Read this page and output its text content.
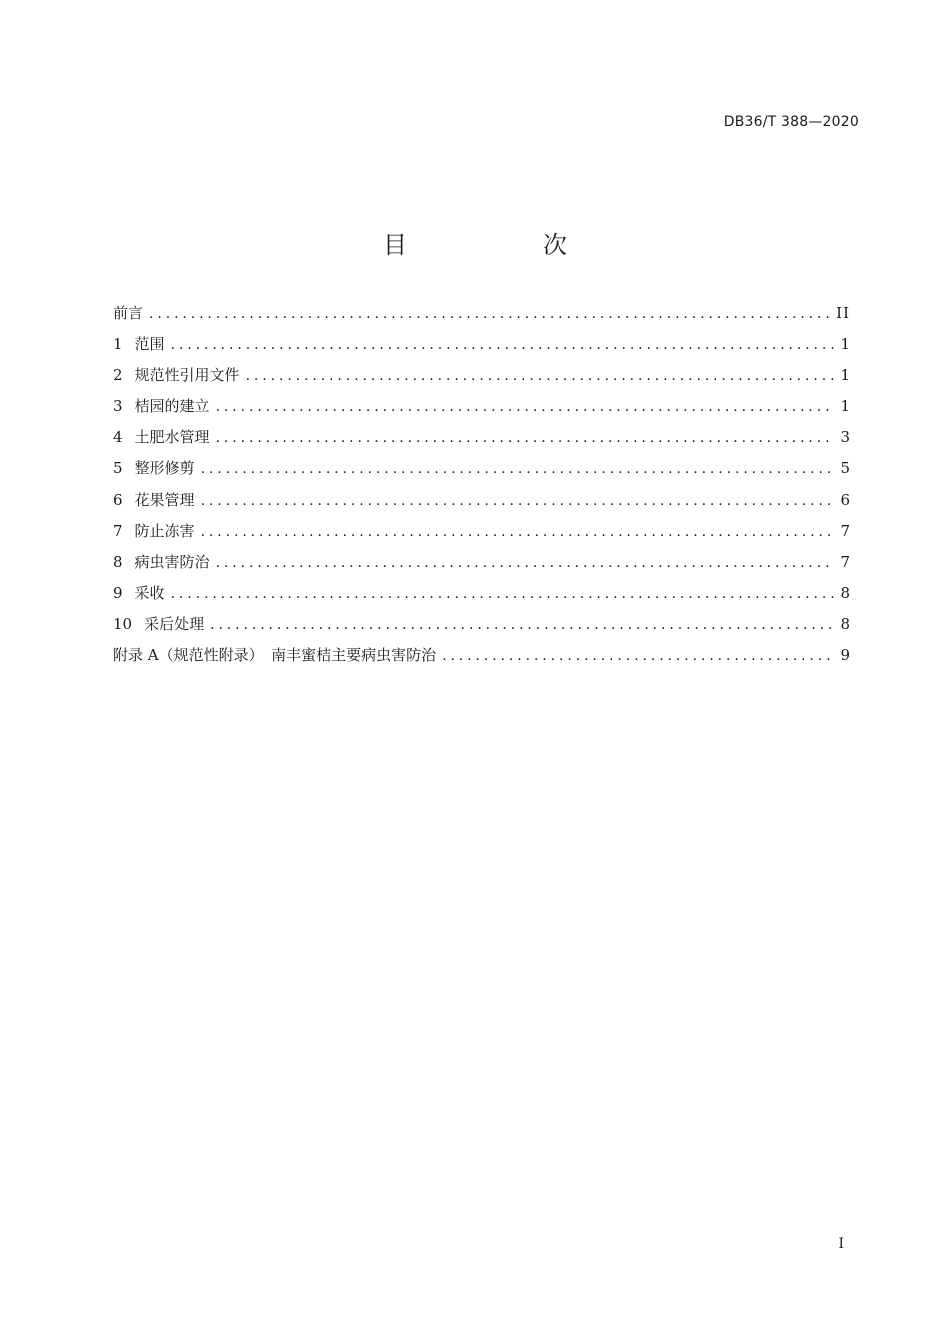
DB36/T 388—2020
目　次
前言 .....	II
1 范围 .....	1
2 规范性引用文件 .....	1
3 桔园的建立 .....	1
4 土肥水管理 .....	3
5 整形修剪 .....	5
6 花果管理 .....	6
7 防止冻害 .....	7
8 病虫害防治 .....	7
9 采收 .....	8
10 采后处理 .....	8
附录 A（规范性附录）　南丰蜜桔主要病虫害防治 .....	9
I
